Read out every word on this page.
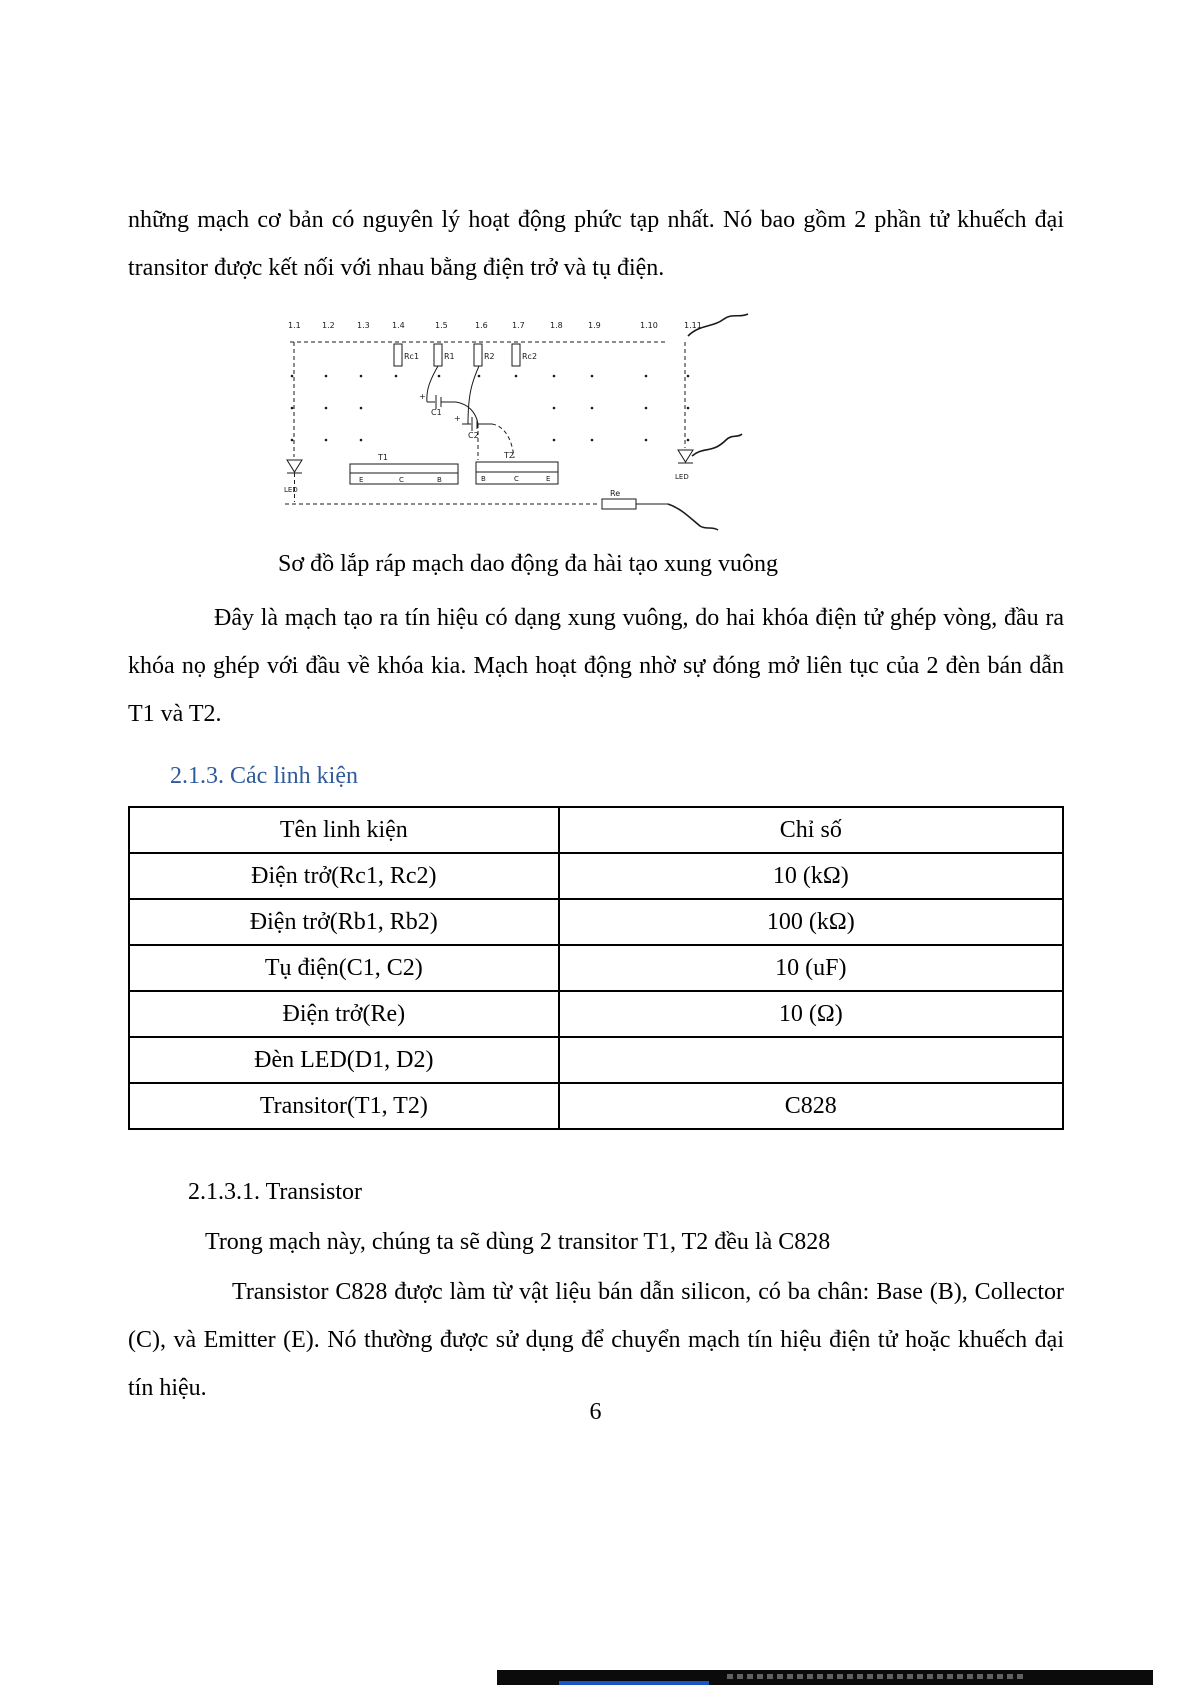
những mạch cơ bản có nguyên lý hoạt động phức tạp nhất. Nó bao gồm 2 phần tử khuếch đại transitor được kết nối với nhau bằng điện trở và tụ điện.

1.1	1.2	1.3	1.4	1.5	1.6	1.7	1.8	1.9	1.10	1.11
Rc1	R1	R2	Rc2
+
C1
+
C2
T1
E	C	B
T2
B	C	E
LED
LED
Re

Sơ đồ lắp ráp mạch dao động đa hài tạo xung vuông

Đây là mạch tạo ra tín hiệu có dạng xung vuông, do hai khóa điện tử ghép vòng, đầu ra khóa nọ ghép với đầu về khóa kia. Mạch hoạt động nhờ sự đóng mở liên tục của 2 đèn bán dẫn T1 và T2.

2.1.3. Các linh kiện

Tên linh kiện	Chỉ số
Điện trở(Rc1, Rc2)	10 (kΩ)
Điện trở(Rb1, Rb2)	100 (kΩ)
Tụ điện(C1, C2)	10 (uF)
Điện trở(Re)	10 (Ω)
Đèn LED(D1, D2)	
Transitor(T1, T2)	C828

2.1.3.1. Transistor

Trong mạch này, chúng ta sẽ dùng 2 transitor T1, T2 đều là C828

Transistor C828 được làm từ vật liệu bán dẫn silicon, có ba chân: Base (B), Collector (C), và Emitter (E). Nó thường được sử dụng để chuyển mạch tín hiệu điện tử hoặc khuếch đại tín hiệu.

6
